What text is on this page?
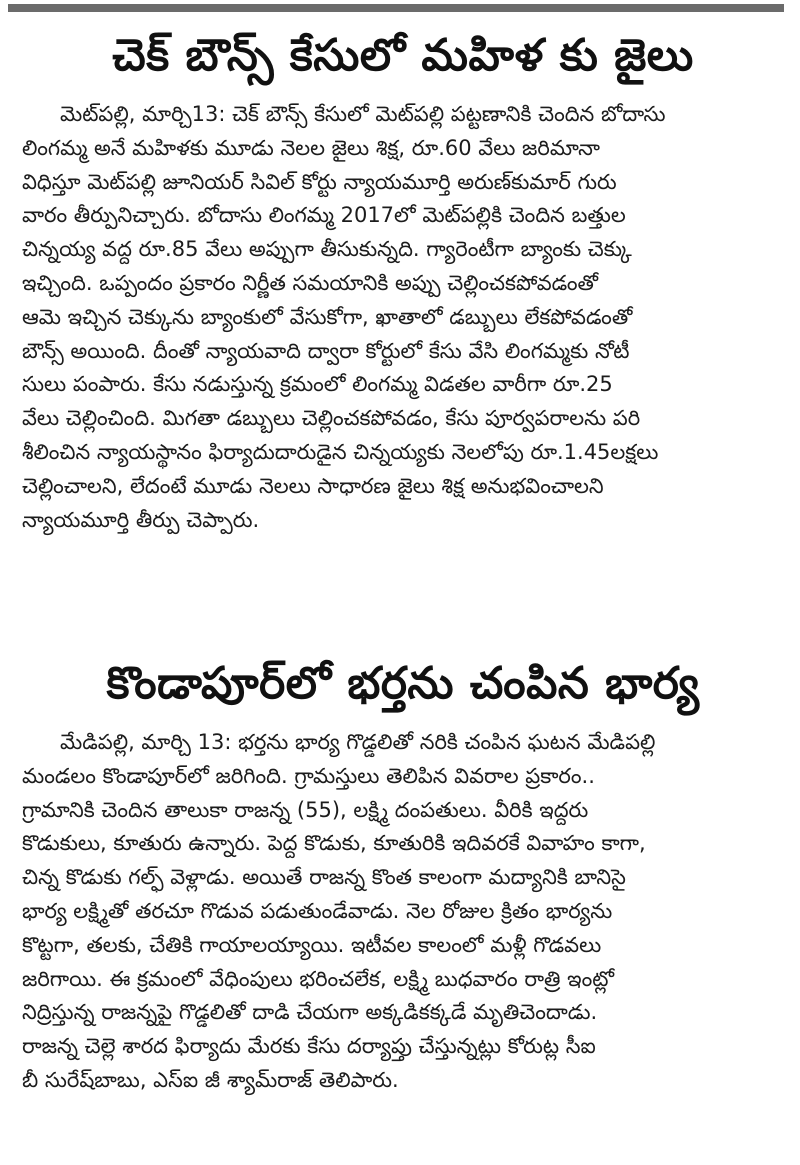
చెక్ బౌన్స్ కేసులో మహిళ కు జైలు
మెట్‌పల్లి, మార్చి13: చెక్ బౌన్స్ కేసులో మెట్‌పల్లి పట్టణానికి చెందిన బోదాసు
లింగమ్మ అనే మహిళకు మూడు నెలల జైలు శిక్ష, రూ.60 వేలు జరిమానా
విధిస్తూ మెట్‌పల్లి జూనియర్ సివిల్ కోర్టు న్యాయమూర్తి అరుణ్‌కుమార్ గురు
వారం తీర్పునిచ్చారు. బోదాసు లింగమ్మ 2017లో మెట్‌పల్లికి చెందిన బత్తుల
చిన్నయ్య వద్ద రూ.85 వేలు అప్పుగా తీసుకున్నది. గ్యారెంటీగా బ్యాంకు చెక్కు
ఇచ్చింది. ఒప్పందం ప్రకారం నిర్ణీత సమయానికి అప్పు చెల్లించకపోవడంతో
ఆమె ఇచ్చిన చెక్కును బ్యాంకులో వేసుకోగా, ఖాతాలో డబ్బులు లేకపోవడంతో
బౌన్స్ అయింది. దీంతో న్యాయవాది ద్వారా కోర్టులో కేసు వేసి లింగమ్మకు నోటీ
సులు పంపారు. కేసు నడుస్తున్న క్రమంలో లింగమ్మ విడతల వారీగా రూ.25
వేలు చెల్లించింది. మిగతా డబ్బులు చెల్లించకపోవడం, కేసు పూర్వపరాలను పరి
శీలించిన న్యాయస్థానం ఫిర్యాదుదారుడైన చిన్నయ్యకు నెలలోపు రూ.1.45లక్షలు
చెల్లించాలని, లేదంటే మూడు నెలలు సాధారణ జైలు శిక్ష అనుభవించాలని
న్యాయమూర్తి తీర్పు చెప్పారు.
కొండాపూర్‌లో భర్తను చంపిన భార్య
మేడిపల్లి, మార్చి 13: భర్తను భార్య గొడ్డలితో నరికి చంపిన ఘటన మేడిపల్లి
మండలం కొండాపూర్‌లో జరిగింది. గ్రామస్తులు తెలిపిన వివరాల ప్రకారం..
గ్రామానికి చెందిన తాలుకా రాజన్న (55), లక్ష్మి దంపతులు. వీరికి ఇద్దరు
కొడుకులు, కూతురు ఉన్నారు. పెద్ద కొడుకు, కూతురికి ఇదివరకే వివాహం కాగా,
చిన్న కొడుకు గల్ఫ్ వెళ్లాడు. అయితే రాజన్న కొంత కాలంగా మద్యానికి బానిసై
భార్య లక్ష్మితో తరచూ గొడువ పడుతుండేవాడు. నెల రోజుల క్రితం భార్యను
కొట్టగా, తలకు, చేతికి గాయాలయ్యాయి. ఇటీవల కాలంలో మళ్లీ గొడవలు
జరిగాయి. ఈ క్రమంలో వేధింపులు భరించలేక, లక్ష్మి బుధవారం రాత్రి ఇంట్లో
నిద్రిస్తున్న రాజన్నపై గొడ్డలితో దాడి చేయగా అక్కడికక్కడే మృతిచెందాడు.
రాజన్న చెల్లె శారద ఫిర్యాదు మేరకు కేసు దర్యాప్తు చేస్తున్నట్లు కోరుట్ల సీఐ
బీ సురేష్‌బాబు, ఎస్ఐ జీ శ్యామ్‌రాజ్ తెలిపారు.
